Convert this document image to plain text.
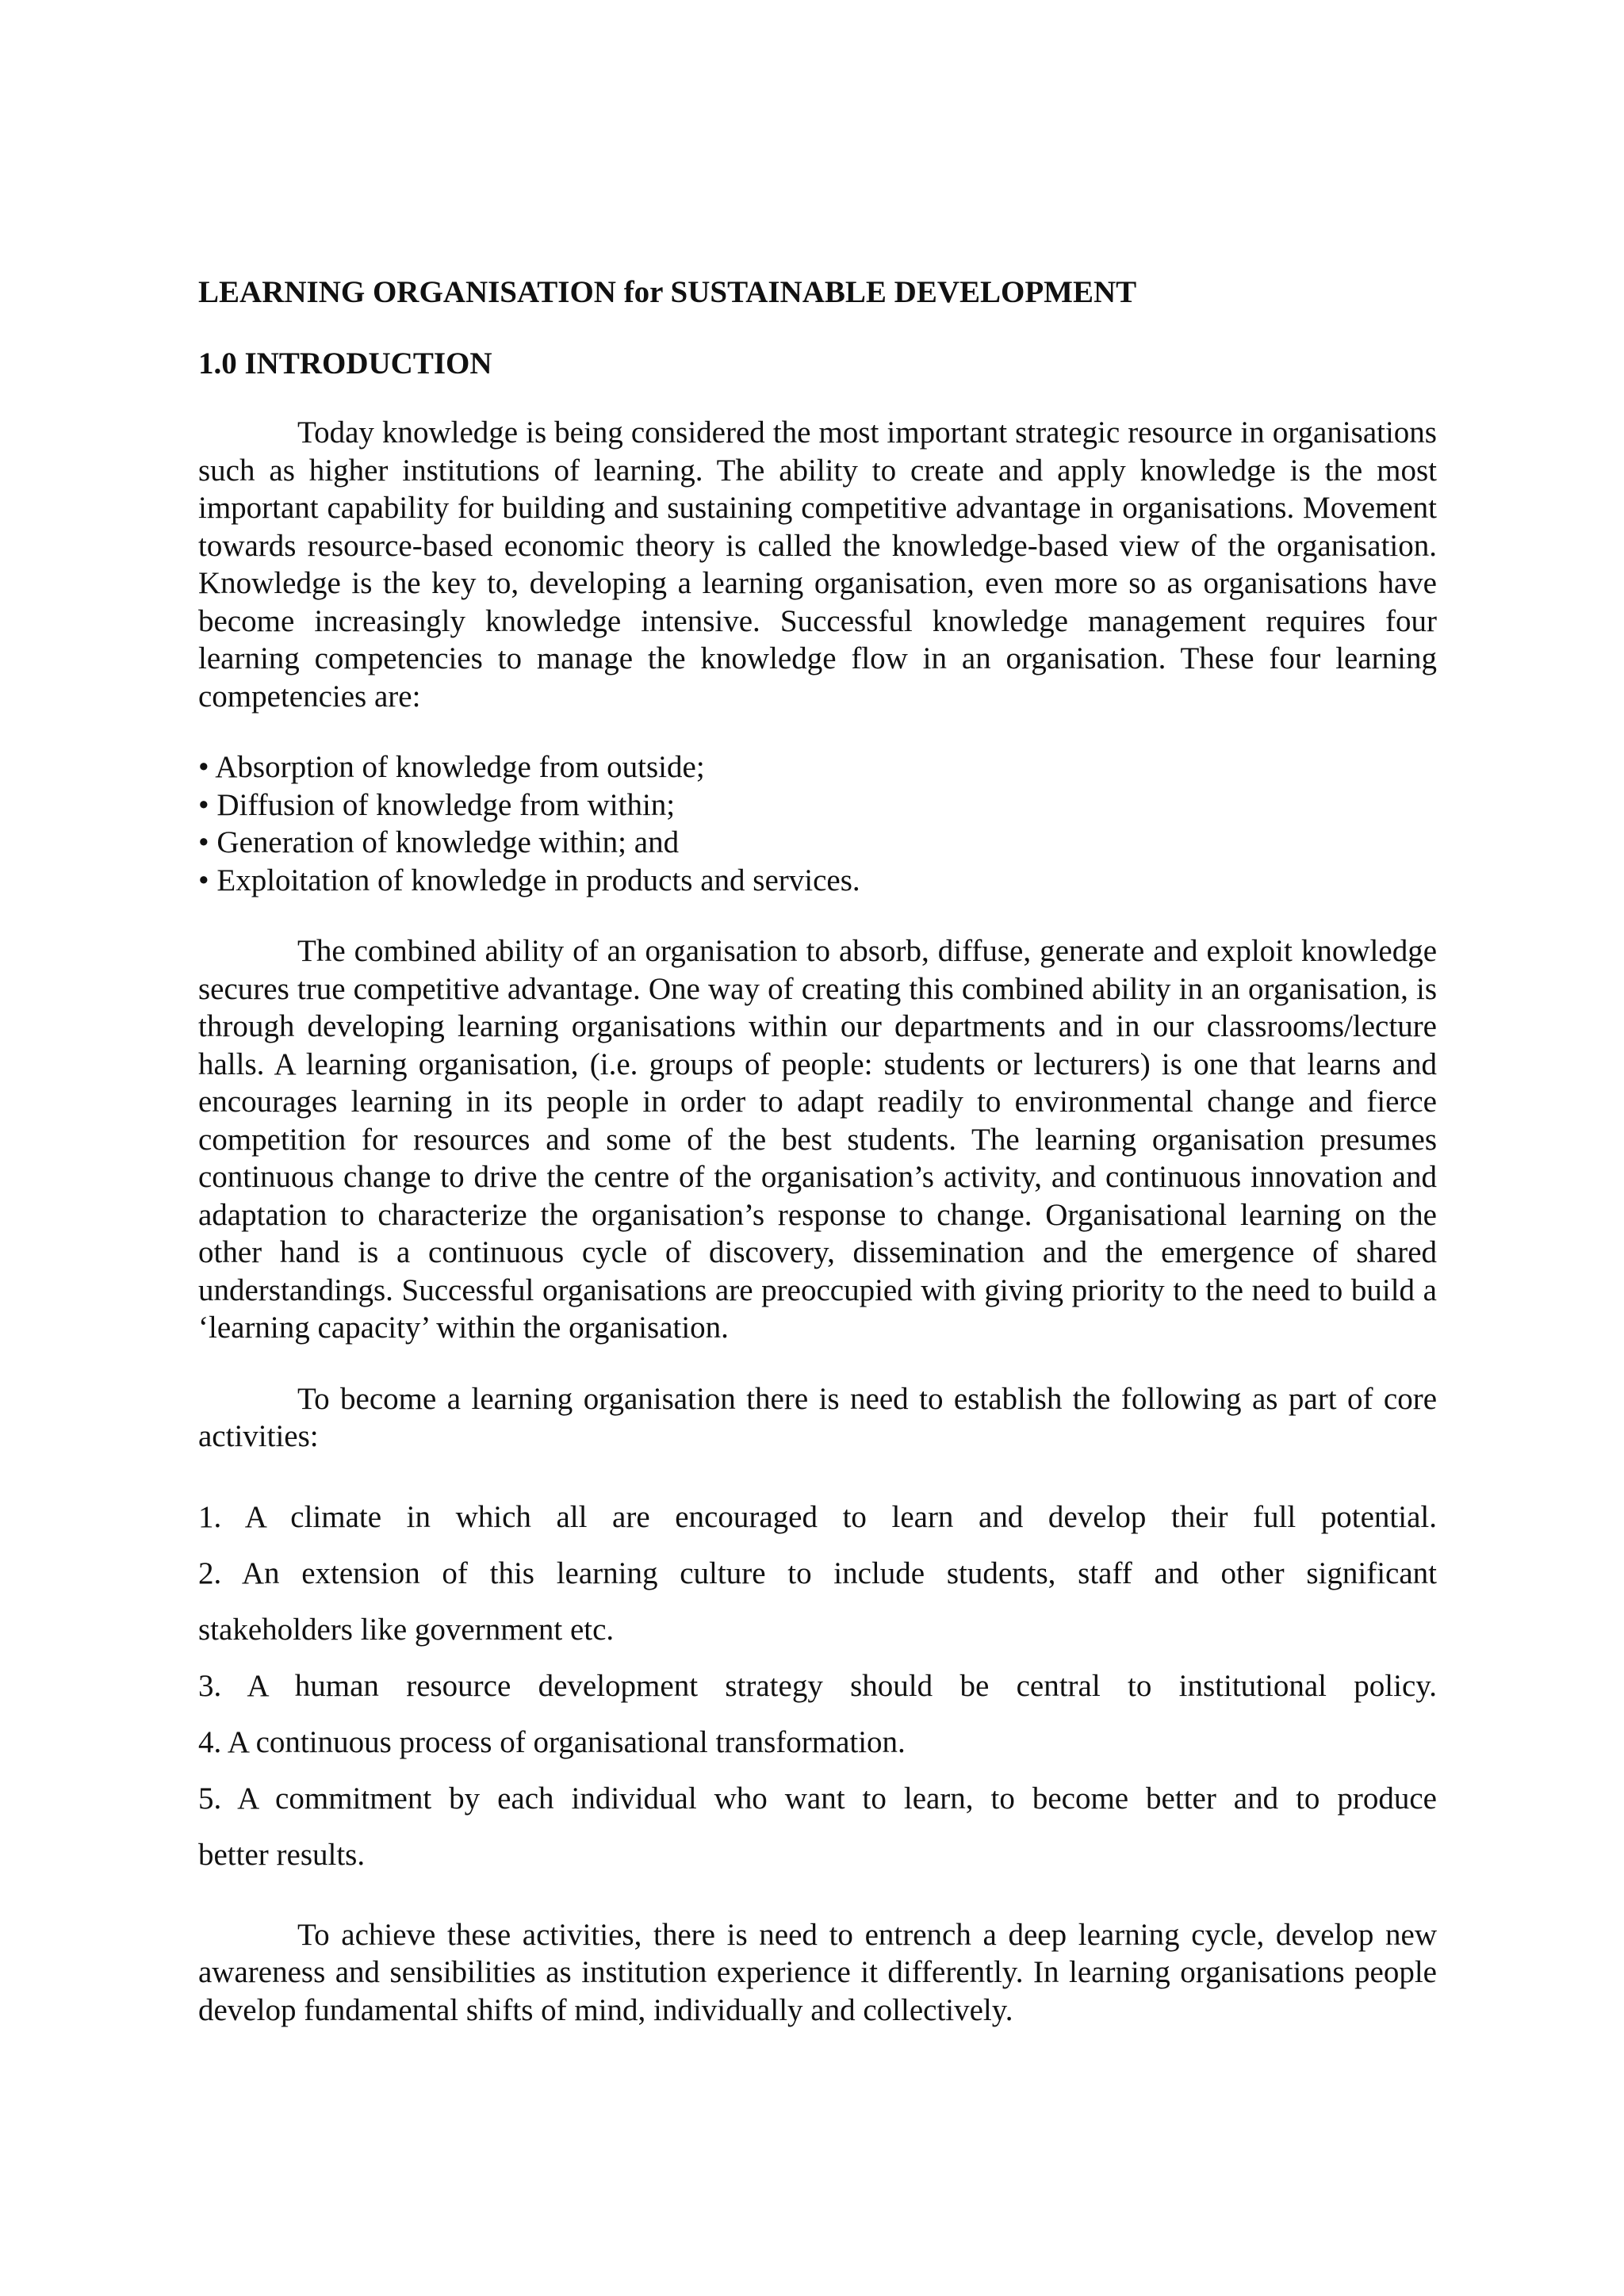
LEARNING ORGANISATION for SUSTAINABLE DEVELOPMENT
1.0 INTRODUCTION

Today knowledge is being considered the most important strategic resource in organisations such as higher institutions of learning. The ability to create and apply knowledge is the most important capability for building and sustaining competitive advantage in organisations. Movement towards resource-based economic theory is called the knowledge-based view of the organisation. Knowledge is the key to, developing a learning organisation, even more so as organisations have become increasingly knowledge intensive. Successful knowledge management requires four learning competencies to manage the knowledge flow in an organisation. These four learning competencies are:

• Absorption of knowledge from outside;
• Diffusion of knowledge from within;
• Generation of knowledge within; and
• Exploitation of knowledge in products and services.

The combined ability of an organisation to absorb, diffuse, generate and exploit knowledge secures true competitive advantage. One way of creating this combined ability in an organisation, is through developing learning organisations within our departments and in our classrooms/lecture halls. A learning organisation, (i.e. groups of people: students or lecturers) is one that learns and encourages learning in its people in order to adapt readily to environmental change and fierce competition for resources and some of the best students. The learning organisation presumes continuous change to drive the centre of the organisation’s activity, and continuous innovation and adaptation to characterize the organisation’s response to change. Organisational learning on the other hand is a continuous cycle of discovery, dissemination and the emergence of shared understandings. Successful organisations are preoccupied with giving priority to the need to build a ‘learning capacity’ within the organisation.

To become a learning organisation there is need to establish the following as part of core activities:

1. A climate in which all are encouraged to learn and develop their full potential.
2. An extension of this learning culture to include students, staff and other significant
stakeholders like government etc.
3. A human resource development strategy should be central to institutional policy.
4. A continuous process of organisational transformation.
5. A commitment by each individual who want to learn, to become better and to produce
better results.

To achieve these activities, there is need to entrench a deep learning cycle, develop new awareness and sensibilities as institution experience it differently. In learning organisations people develop fundamental shifts of mind, individually and collectively.
